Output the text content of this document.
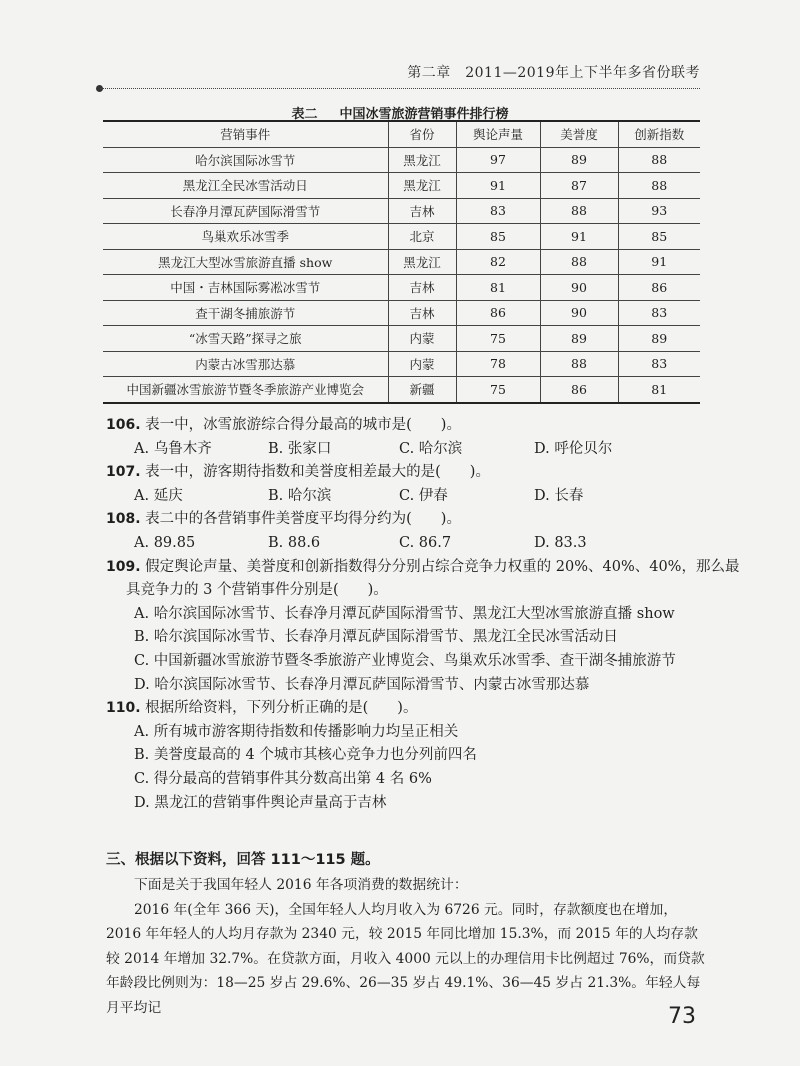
第二章　2011—2019年上下半年多省份联考
表二 中国冰雪旅游营销事件排行榜
营销事件	省份	舆论声量	美誉度	创新指数
哈尔滨国际冰雪节	黑龙江	97	89	88
黑龙江全民冰雪活动日	黑龙江	91	87	88
长春净月潭瓦萨国际滑雪节	吉林	83	88	93
鸟巢欢乐冰雪季	北京	85	91	85
黑龙江大型冰雪旅游直播 show	黑龙江	82	88	91
中国・吉林国际雾凇冰雪节	吉林	81	90	86
查干湖冬捕旅游节	吉林	86	90	83
“冰雪天路”探寻之旅	内蒙	75	89	89
内蒙古冰雪那达慕	内蒙	78	88	83
中国新疆冰雪旅游节暨冬季旅游产业博览会	新疆	75	86	81
106. 表一中，冰雪旅游综合得分最高的城市是(　　)。
A. 乌鲁木齐	B. 张家口	C. 哈尔滨	D. 呼伦贝尔
107. 表一中，游客期待指数和美誉度相差最大的是(　　)。
A. 延庆	B. 哈尔滨	C. 伊春	D. 长春
108. 表二中的各营销事件美誉度平均得分约为(　　)。
A. 89.85	B. 88.6	C. 86.7	D. 83.3
109. 假定舆论声量、美誉度和创新指数得分分别占综合竞争力权重的 20%、40%、40%，那么最
具竞争力的 3 个营销事件分别是(　　)。
A. 哈尔滨国际冰雪节、长春净月潭瓦萨国际滑雪节、黑龙江大型冰雪旅游直播 show
B. 哈尔滨国际冰雪节、长春净月潭瓦萨国际滑雪节、黑龙江全民冰雪活动日
C. 中国新疆冰雪旅游节暨冬季旅游产业博览会、鸟巢欢乐冰雪季、查干湖冬捕旅游节
D. 哈尔滨国际冰雪节、长春净月潭瓦萨国际滑雪节、内蒙古冰雪那达慕
110. 根据所给资料，下列分析正确的是(　　)。
A. 所有城市游客期待指数和传播影响力均呈正相关
B. 美誉度最高的 4 个城市其核心竞争力也分列前四名
C. 得分最高的营销事件其分数高出第 4 名 6%
D. 黑龙江的营销事件舆论声量高于吉林
三、根据以下资料，回答 111～115 题。

下面是关于我国年轻人 2016 年各项消费的数据统计：

2016 年(全年 366 天)，全国年轻人人均月收入为 6726 元。同时，存款额度也在增加，2016 年年轻人的人均月存款为 2340 元，较 2015 年同比增加 15.3%，而 2015 年的人均存款较 2014 年增加 32.7%。在贷款方面，月收入 4000 元以上的办理信用卡比例超过 76%，而贷款年龄段比例则为：18—25 岁占 29.6%、26—35 岁占 49.1%、36—45 岁占 21.3%。年轻人每月平均记	73
